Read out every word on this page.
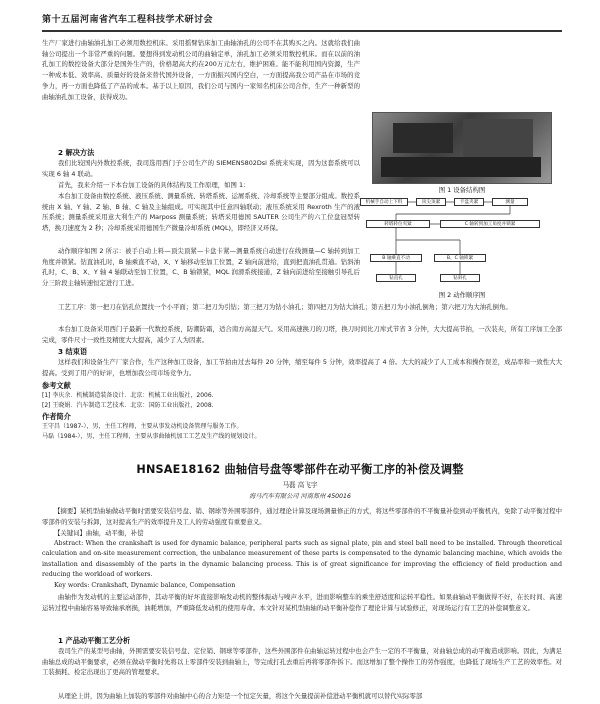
第十五届河南省汽车工程科技学术研讨会
生产厂家进行曲轴油孔加工必须用数控机床。采用摇臂钻床加工曲轴油孔的公司不在其购买之内。这就给我们曲轴公司提出一个非常严重的问题。要想得到发动机公司的曲轴定单，油孔加工必须采用数控机床。而在以前的油孔加工的数控设备大部分是国外生产的，价格超高大约在200万元左右，维护困难。能不能利用国内资源，生产一种成本低、效率高、质量好的设备来替代国外设备，一方面振兴国内空白，一方面提高我公司产品在市场的竞争力，再一方面也降低了产品的成本。基于以上原因，我们公司与国内一家知名机床公司合作，生产一种新型的曲轴油孔加工设备，获得成功。
2 解决方法
我们比较国内外数控系统，我司选用西门子公司生产的 SIEMENS802Dsl 系统来实现，因为这套系统可以实现 6 轴 4 联动。
首先，我来介绍一下本台加工设备的具体结构及工作原理，如图 1：
本台加工设备由数控系统、液压系统、测量系统、转塔系统、运屑系统、冷却系统等主要部分组成。数控系统由 X 轴、Y 轴、Z 轴、B 轴、C 轴及主轴组成。可实现其中任意四轴联动；液压系统采用 Rexroth 生产的液压系统；测量系统采用意大利生产的 Marposs 测量系统；转塔采用德国 SAUTER 公司生产的六工位盘冠型转塔，换刀速度为 2 秒；冷却系统采用德国生产微量冷却系统 (MQL)，即经济又环保。
动作顺序如图 2 所示：被手自动上料—顶尖顶紧—卡盘卡紧—测量系统自动进行在线测量—C 轴转到加工角度并锁紧。钻直油孔时，B 轴乘直不动，X、Y 轴移动至加工位置，Z 轴向前进给，直到把直油孔贯通。钻斜油孔时，C、B、X、Y 轴 4 轴联动至加工位置，C、B 轴锁紧，MQL 润滑系统接通，Z 轴向前进给至接触引导孔后分三阶段主轴转速恒定进行工进。
工艺工序：第一把刀在钻孔位置找一个小平面；第二把刀为引钻；第三把刀为钻小油孔；第四把刀为钻大油孔；第五把刀为小油孔倒角；第六把刀为大油孔倒角。
本台加工设备采用西门子最新一代数控系统，防潮防霜，适合南方高湿天气。采用高速换刀的刀塔，换刀时间比刀库式节省 3 分钟，大大提高节拍，一次装夹，所有工序加工全部完成，零件尺寸一致性及精度大大提高，减少了人为因素。
3 结束语
这样我们和设备生产厂家合作，生产这种加工设备，加工节拍由过去每件 20 分钟，缩至每件 5 分钟，效率提高了 4 倍。大大的减少了人工成本和操作误差，成品率和一致性大大提高。受到了用户的好评，也增加我公司市场竞争力。
参考文献
[1] 李庆余．机械制造装备设计．北京：机械工业出版社，2006.
[2] 王晓娟．汽车制造工艺技术．北京：国防工业出版社，2008.
作者简介
王守昌（1987-），男，主任工程师，主要从事发动机设备管理与服务工作。
马磊（1984-），男，主任工程师，主要从事曲轴机加工工艺及生产线的规划设计。
图 1 设备结构图
机械手自动上下料	顶尖顶紧	卡盘夹紧	测量
转塔转位夹紧	C 轴转到加工角度并锁紧
B 轴乘直不动	B、C 轴锁紧
钻直孔	钻斜孔
图 2 动作顺序图
HNSAE18162 曲轴信号盘等零部件在动平衡工序的补偿及调整
马磊 高飞宇
海马汽车有限公司 河南郑州 450016
【摘要】某机型曲轴做动平衡时需要安装信号盘、销、钢球等外围零部件，通过理论计算及现场测量修正的方式，将这些零部件的不平衡量补偿到动平衡机内，免除了动平衡过程中零部件的安装与拆卸，这对提高生产的效率提升及工人的劳动强度有重要意义。
【关键词】曲轴，动平衡，补偿
Abstract: When the crankshaft is used for dynamic balance, peripheral parts such as signal plate, pin and steel ball need to be installed. Through theoretical calculation and on-site measurement correction, the unbalance measurement of these parts is compensated to the dynamic balancing machine, which avoids the installation and disassembly of the parts in the dynamic balancing process. This is of great significance for improving the efficiency of field production and reducing the workload of workers.
Key words: Crankshaft, Dynamic balance, Compensation
曲轴作为发动机的主要运动部件，其动平衡的好坏直接影响发动机的整体振动与噪声水平，进而影响整车的乘坐舒适度和运转平稳性。如果曲轴动平衡做得不好，在长时间、高速运转过程中曲轴容易导致轴承磨损，油耗增加，严重降低发动机的使用寿命。本文针对某机型曲轴的动平衡补偿作了理论计算与试验修正，对现场运行有工艺的补偿调整意义。
1 产品动平衡工艺分析
我司生产的某型号曲轴，外围需要安装信号盘、定位销、钢球等零部件，这些外围部件在曲轴运转过程中也会产生一定的不平衡量，对曲轴总成的动平衡造成影响。因此，为满足曲轴总成的动平衡要求，必须在做动平衡时先将以上零部件安装到曲轴上，等完成打孔去重后再将零部件拆下。而这增加了整个操作工的劳作强度，也降低了现场生产工艺的效率性。对工装损耗、检定出现出了更高的管理要求。
从理论上讲，因为曲轴上加装的零部件对曲轴中心的合力矩是一个恒定矢量，将这个矢量提前补偿进动平衡机就可以替代实际零部
